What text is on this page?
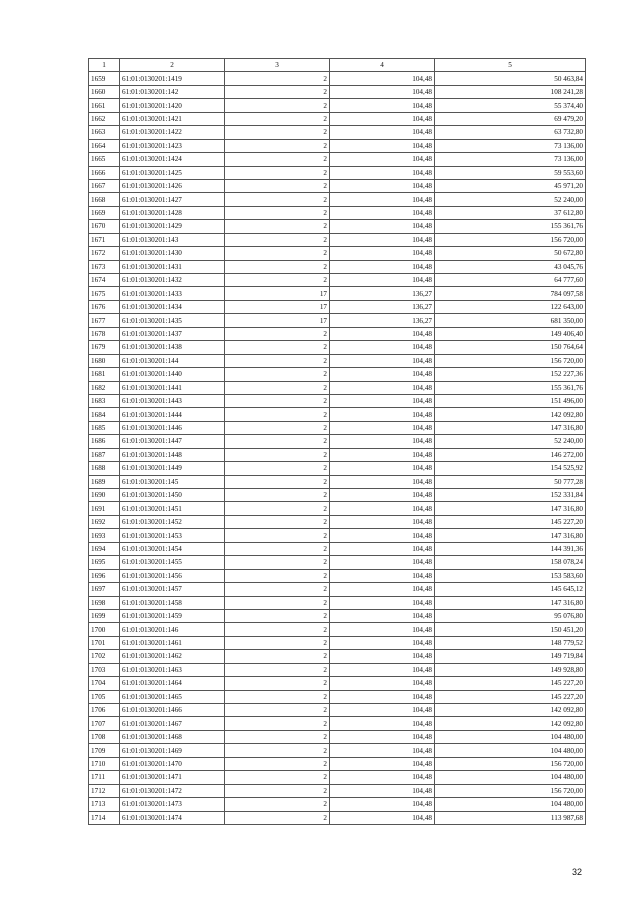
1	2	3	4	5
1659	61:01:0130201:1419	2	104,48	50 463,84
1660	61:01:0130201:142	2	104,48	108 241,28
1661	61:01:0130201:1420	2	104,48	55 374,40
1662	61:01:0130201:1421	2	104,48	69 479,20
1663	61:01:0130201:1422	2	104,48	63 732,80
1664	61:01:0130201:1423	2	104,48	73 136,00
1665	61:01:0130201:1424	2	104,48	73 136,00
1666	61:01:0130201:1425	2	104,48	59 553,60
1667	61:01:0130201:1426	2	104,48	45 971,20
1668	61:01:0130201:1427	2	104,48	52 240,00
1669	61:01:0130201:1428	2	104,48	37 612,80
1670	61:01:0130201:1429	2	104,48	155 361,76
1671	61:01:0130201:143	2	104,48	156 720,00
1672	61:01:0130201:1430	2	104,48	50 672,80
1673	61:01:0130201:1431	2	104,48	43 045,76
1674	61:01:0130201:1432	2	104,48	64 777,60
1675	61:01:0130201:1433	17	136,27	784 097,58
1676	61:01:0130201:1434	17	136,27	122 643,00
1677	61:01:0130201:1435	17	136,27	681 350,00
1678	61:01:0130201:1437	2	104,48	149 406,40
1679	61:01:0130201:1438	2	104,48	150 764,64
1680	61:01:0130201:144	2	104,48	156 720,00
1681	61:01:0130201:1440	2	104,48	152 227,36
1682	61:01:0130201:1441	2	104,48	155 361,76
1683	61:01:0130201:1443	2	104,48	151 496,00
1684	61:01:0130201:1444	2	104,48	142 092,80
1685	61:01:0130201:1446	2	104,48	147 316,80
1686	61:01:0130201:1447	2	104,48	52 240,00
1687	61:01:0130201:1448	2	104,48	146 272,00
1688	61:01:0130201:1449	2	104,48	154 525,92
1689	61:01:0130201:145	2	104,48	50 777,28
1690	61:01:0130201:1450	2	104,48	152 331,84
1691	61:01:0130201:1451	2	104,48	147 316,80
1692	61:01:0130201:1452	2	104,48	145 227,20
1693	61:01:0130201:1453	2	104,48	147 316,80
1694	61:01:0130201:1454	2	104,48	144 391,36
1695	61:01:0130201:1455	2	104,48	158 078,24
1696	61:01:0130201:1456	2	104,48	153 583,60
1697	61:01:0130201:1457	2	104,48	145 645,12
1698	61:01:0130201:1458	2	104,48	147 316,80
1699	61:01:0130201:1459	2	104,48	95 076,80
1700	61:01:0130201:146	2	104,48	150 451,20
1701	61:01:0130201:1461	2	104,48	148 779,52
1702	61:01:0130201:1462	2	104,48	149 719,84
1703	61:01:0130201:1463	2	104,48	149 928,80
1704	61:01:0130201:1464	2	104,48	145 227,20
1705	61:01:0130201:1465	2	104,48	145 227,20
1706	61:01:0130201:1466	2	104,48	142 092,80
1707	61:01:0130201:1467	2	104,48	142 092,80
1708	61:01:0130201:1468	2	104,48	104 480,00
1709	61:01:0130201:1469	2	104,48	104 480,00
1710	61:01:0130201:1470	2	104,48	156 720,00
1711	61:01:0130201:1471	2	104,48	104 480,00
1712	61:01:0130201:1472	2	104,48	156 720,00
1713	61:01:0130201:1473	2	104,48	104 480,00
1714	61:01:0130201:1474	2	104,48	113 987,68
32
